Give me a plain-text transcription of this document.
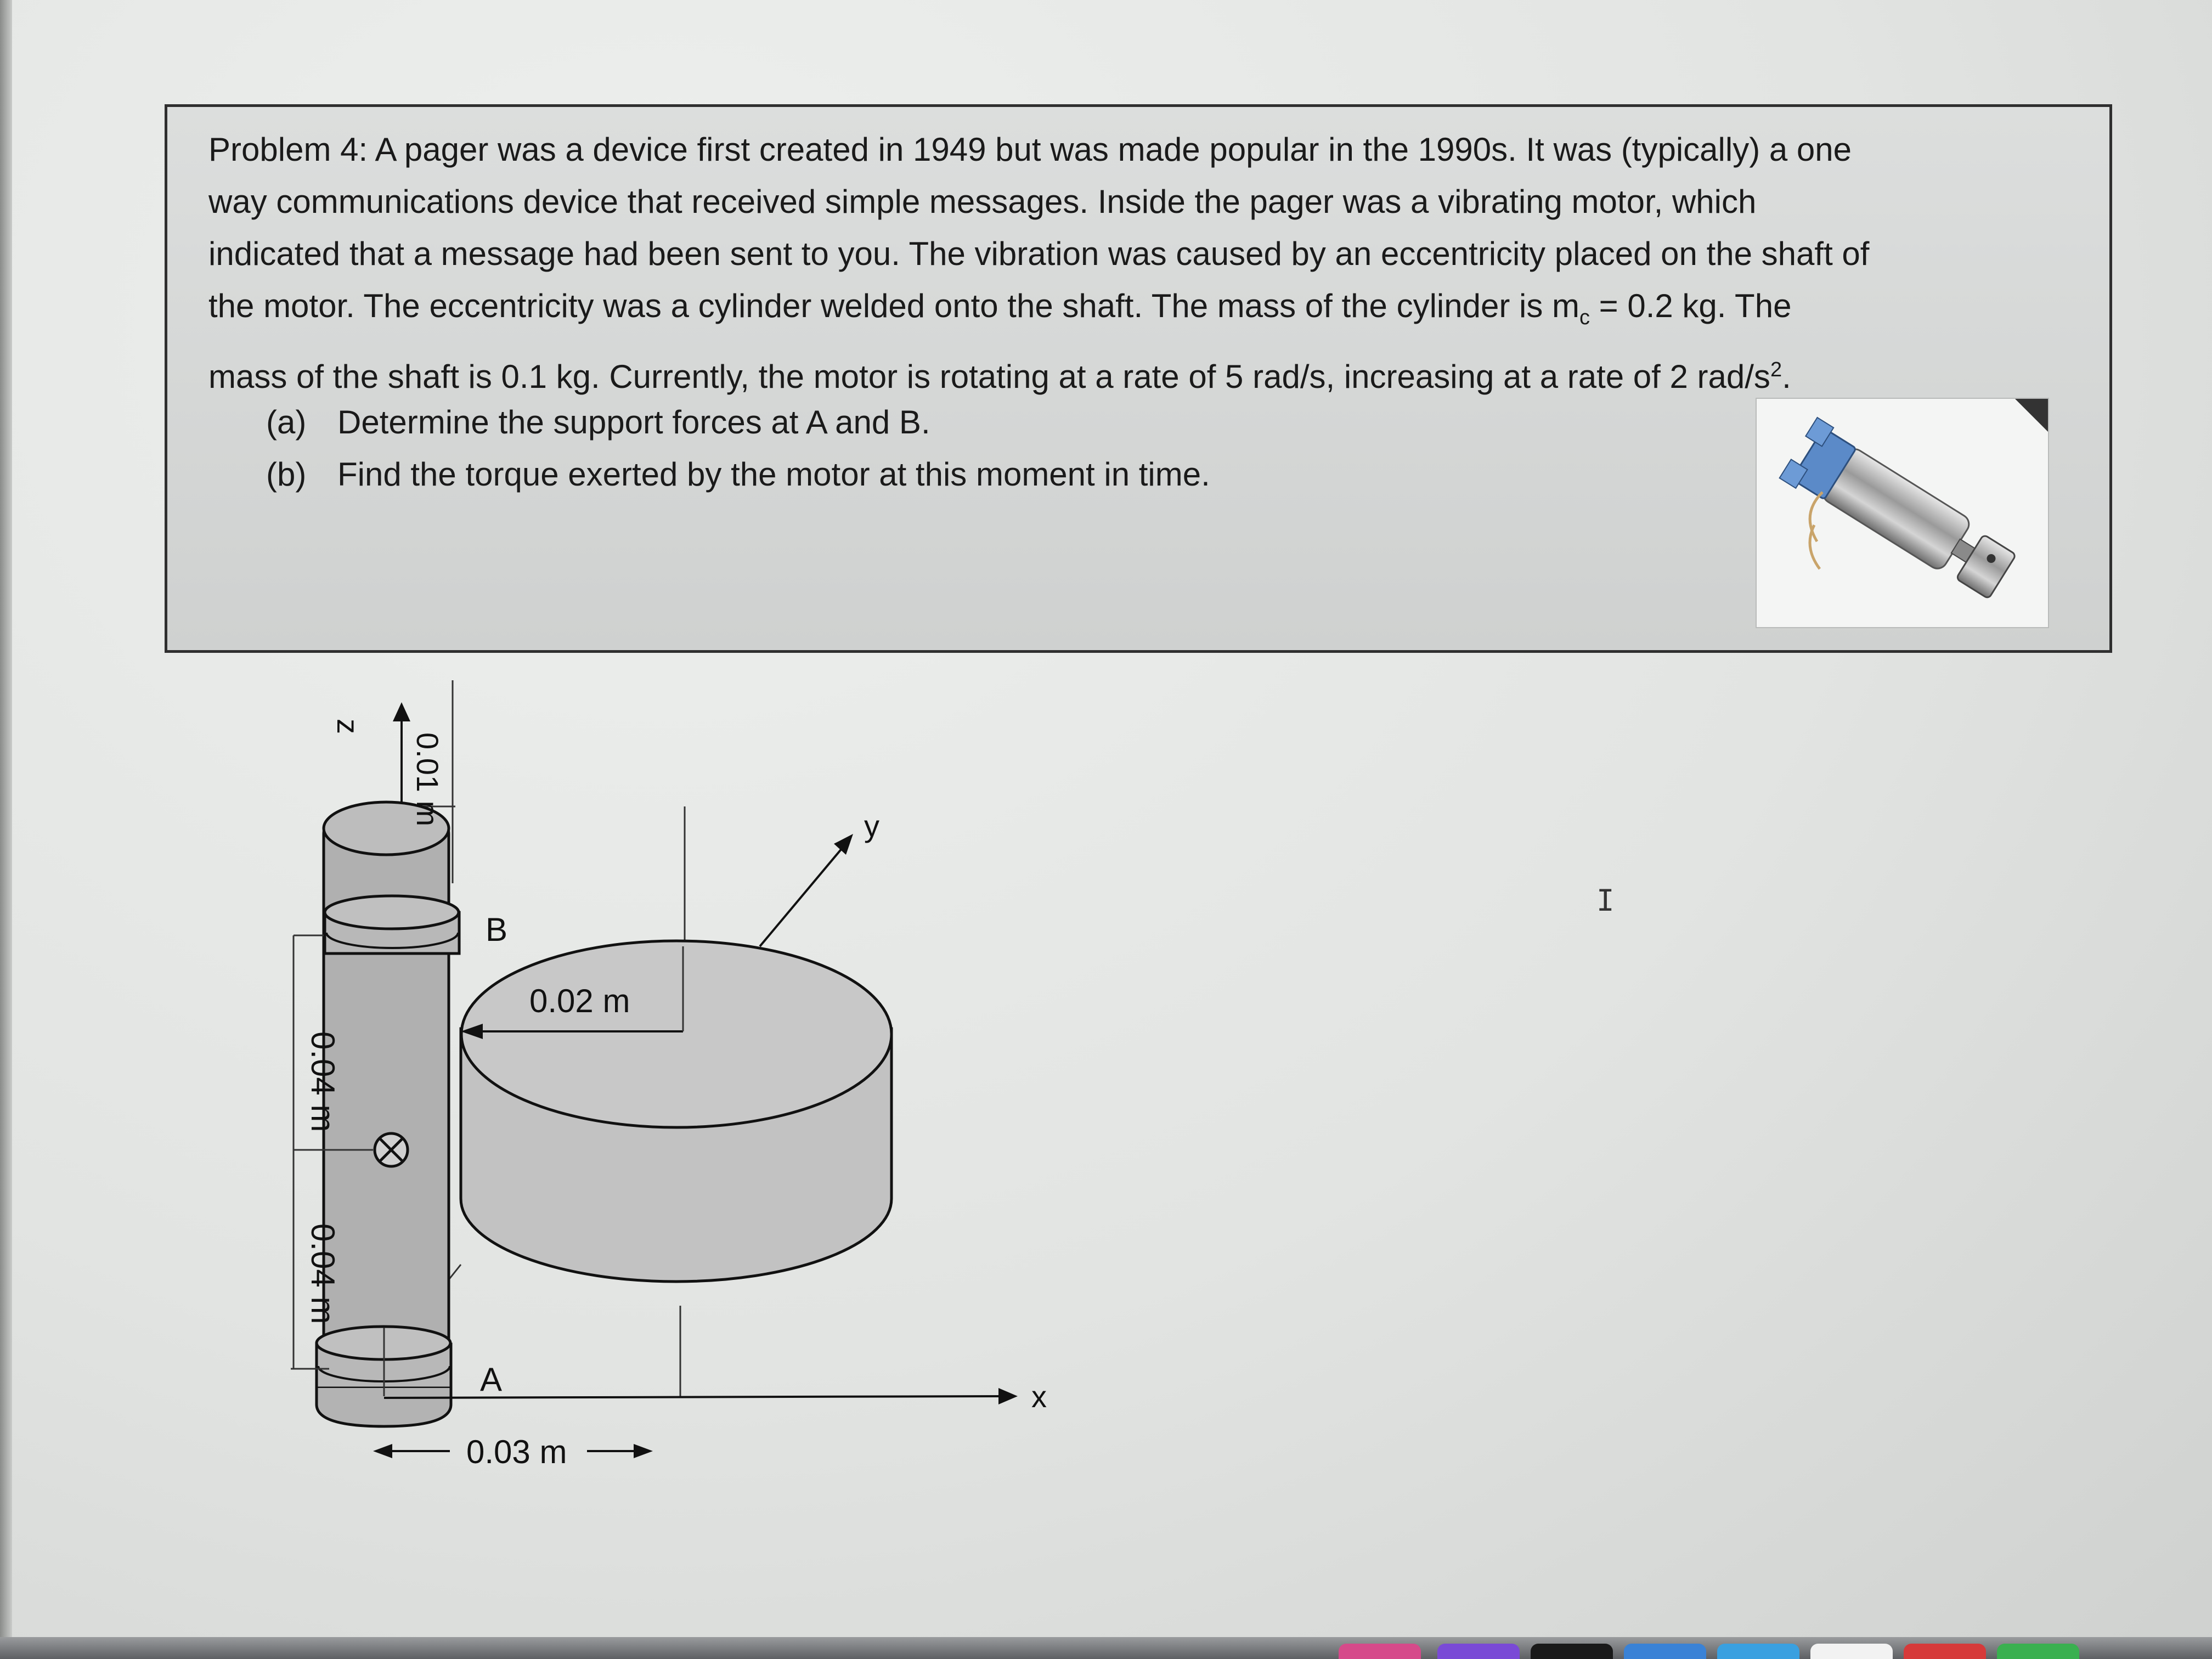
Problem 4: A pager was a device first created in 1949 but was made popular in the 1990s. It was (typically) a one
way communications device that received simple messages. Inside the pager was a vibrating motor, which
indicated that a message had been sent to you. The vibration was caused by an eccentricity placed on the shaft of
the motor. The eccentricity was a cylinder welded onto the shaft. The mass of the cylinder is $m_c = 0.2$ kg. The
mass of the shaft is 0.1 kg. Currently, the motor is rotating at a rate of 5 rad/s, increasing at a rate of 2 rad/$s^2$.
(a) Determine the support forces at A and B.
(b) Find the torque exerted by the motor at this moment in time.
z
0.01 m	y
B
0.02 m
0.04 m
0.04 m
A	x
0.03 m
I
